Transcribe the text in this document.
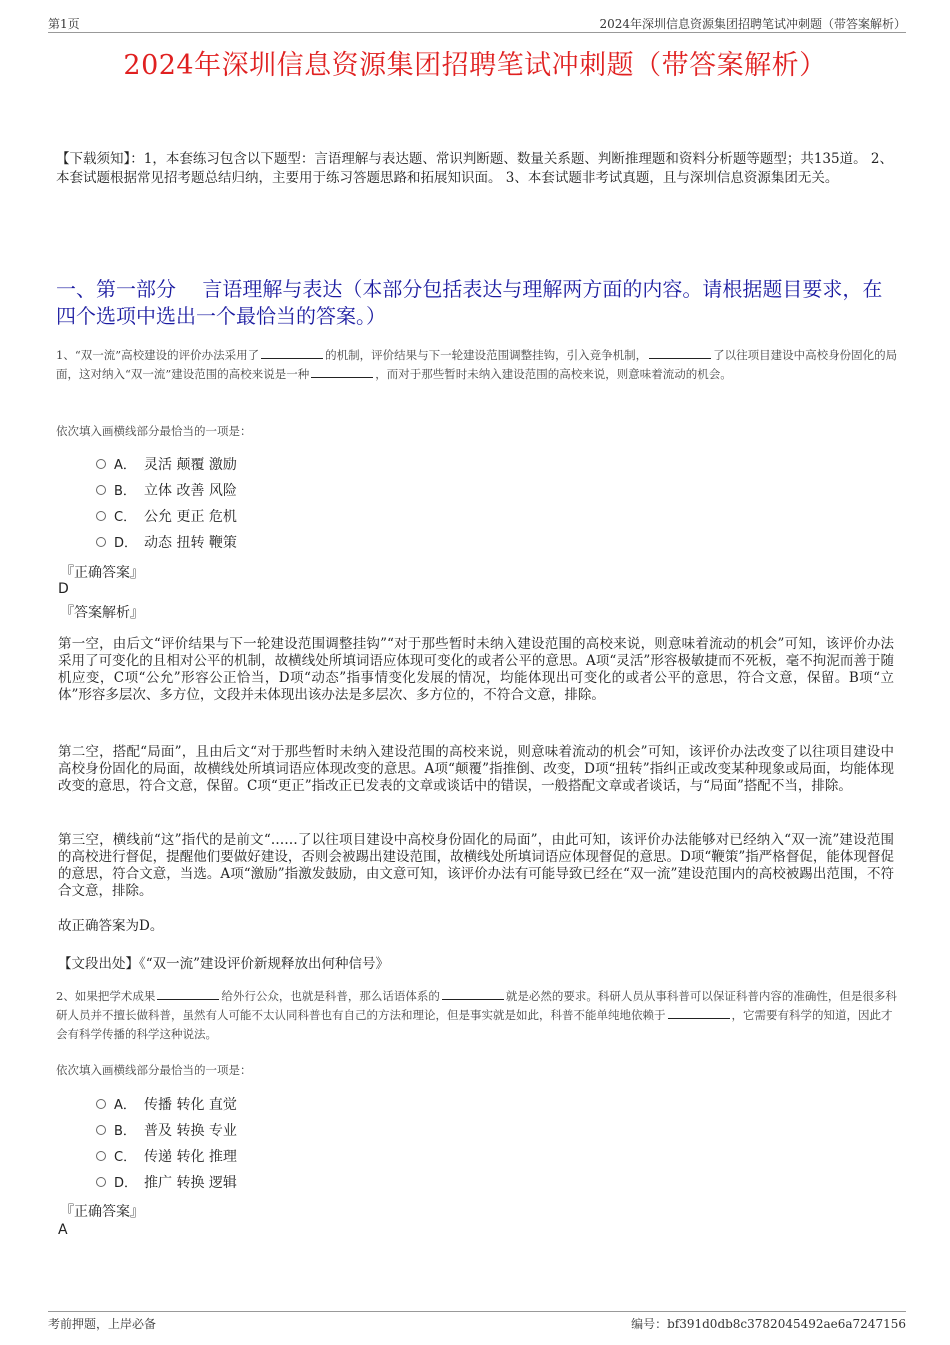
第1页	2024年深圳信息资源集团招聘笔试冲刺题（带答案解析）
2024年深圳信息资源集团招聘笔试冲刺题（带答案解析）
【下载须知】：1，本套练习包含以下题型：言语理解与表达题、常识判断题、数量关系题、判断推理题和资料分析题等题型；共135道。 2、本套试题根据常见招考题总结归纳，主要用于练习答题思路和拓展知识面。 3、本套试题非考试真题，且与深圳信息资源集团无关。
一、第一部分　 言语理解与表达（本部分包括表达与理解两方面的内容。请根据题目要求，在四个选项中选出一个最恰当的答案。）
1、“双一流”高校建设的评价办法采用了	的机制，评价结果与下一轮建设范围调整挂钩，引入竞争机制，	了以往项目建设中高校身份固化的局面，这对纳入“双一流”建设范围的高校来说是一种	，而对于那些暂时未纳入建设范围的高校来说，则意味着流动的机会。
依次填入画横线部分最恰当的一项是：
A． 灵活 颠覆 激励
B． 立体 改善 风险
C． 公允 更正 危机
D． 动态 扭转 鞭策
『正确答案』
D
『答案解析』
第一空，由后文“评价结果与下一轮建设范围调整挂钩”“对于那些暂时未纳入建设范围的高校来说，则意味着流动的机会”可知，该评价办法采用了可变化的且相对公平的机制，故横线处所填词语应体现可变化的或者公平的意思。A项“灵活”形容极敏捷而不死板，毫不拘泥而善于随机应变，C项“公允”形容公正恰当，D项“动态”指事情变化发展的情况，均能体现出可变化的或者公平的意思，符合文意，保留。B项“立体”形容多层次、多方位，文段并未体现出该办法是多层次、多方位的，不符合文意，排除。
第二空，搭配“局面”，且由后文“对于那些暂时未纳入建设范围的高校来说，则意味着流动的机会”可知，该评价办法改变了以往项目建设中高校身份固化的局面，故横线处所填词语应体现改变的意思。A项“颠覆”指推倒、改变，D项“扭转”指纠正或改变某种现象或局面，均能体现改变的意思，符合文意，保留。C项“更正”指改正已发表的文章或谈话中的错误，一般搭配文章或者谈话，与“局面”搭配不当，排除。
第三空，横线前“这”指代的是前文“……了以往项目建设中高校身份固化的局面”，由此可知，该评价办法能够对已经纳入“双一流”建设范围的高校进行督促，提醒他们要做好建设，否则会被踢出建设范围，故横线处所填词语应体现督促的意思。D项“鞭策”指严格督促，能体现督促的意思，符合文意，当选。A项“激励”指激发鼓励，由文意可知，该评价办法有可能导致已经在“双一流”建设范围内的高校被踢出范围，不符合文意，排除。
故正确答案为D。
【文段出处】《“双一流”建设评价新规释放出何种信号》
2、如果把学术成果	给外行公众，也就是科普，那么话语体系的	就是必然的要求。科研人员从事科普可以保证科普内容的准确性，但是很多科研人员并不擅长做科普，虽然有人可能不太认同科普也有自己的方法和理论，但是事实就是如此，科普不能单纯地依赖于	，它需要有科学的知道，因此才会有科学传播的科学这种说法。
依次填入画横线部分最恰当的一项是：
A． 传播 转化 直觉
B． 普及 转换 专业
C． 传递 转化 推理
D． 推广 转换 逻辑
『正确答案』
A
考前押题，上岸必备	编号：bf391d0db8c3782045492ae6a7247156
